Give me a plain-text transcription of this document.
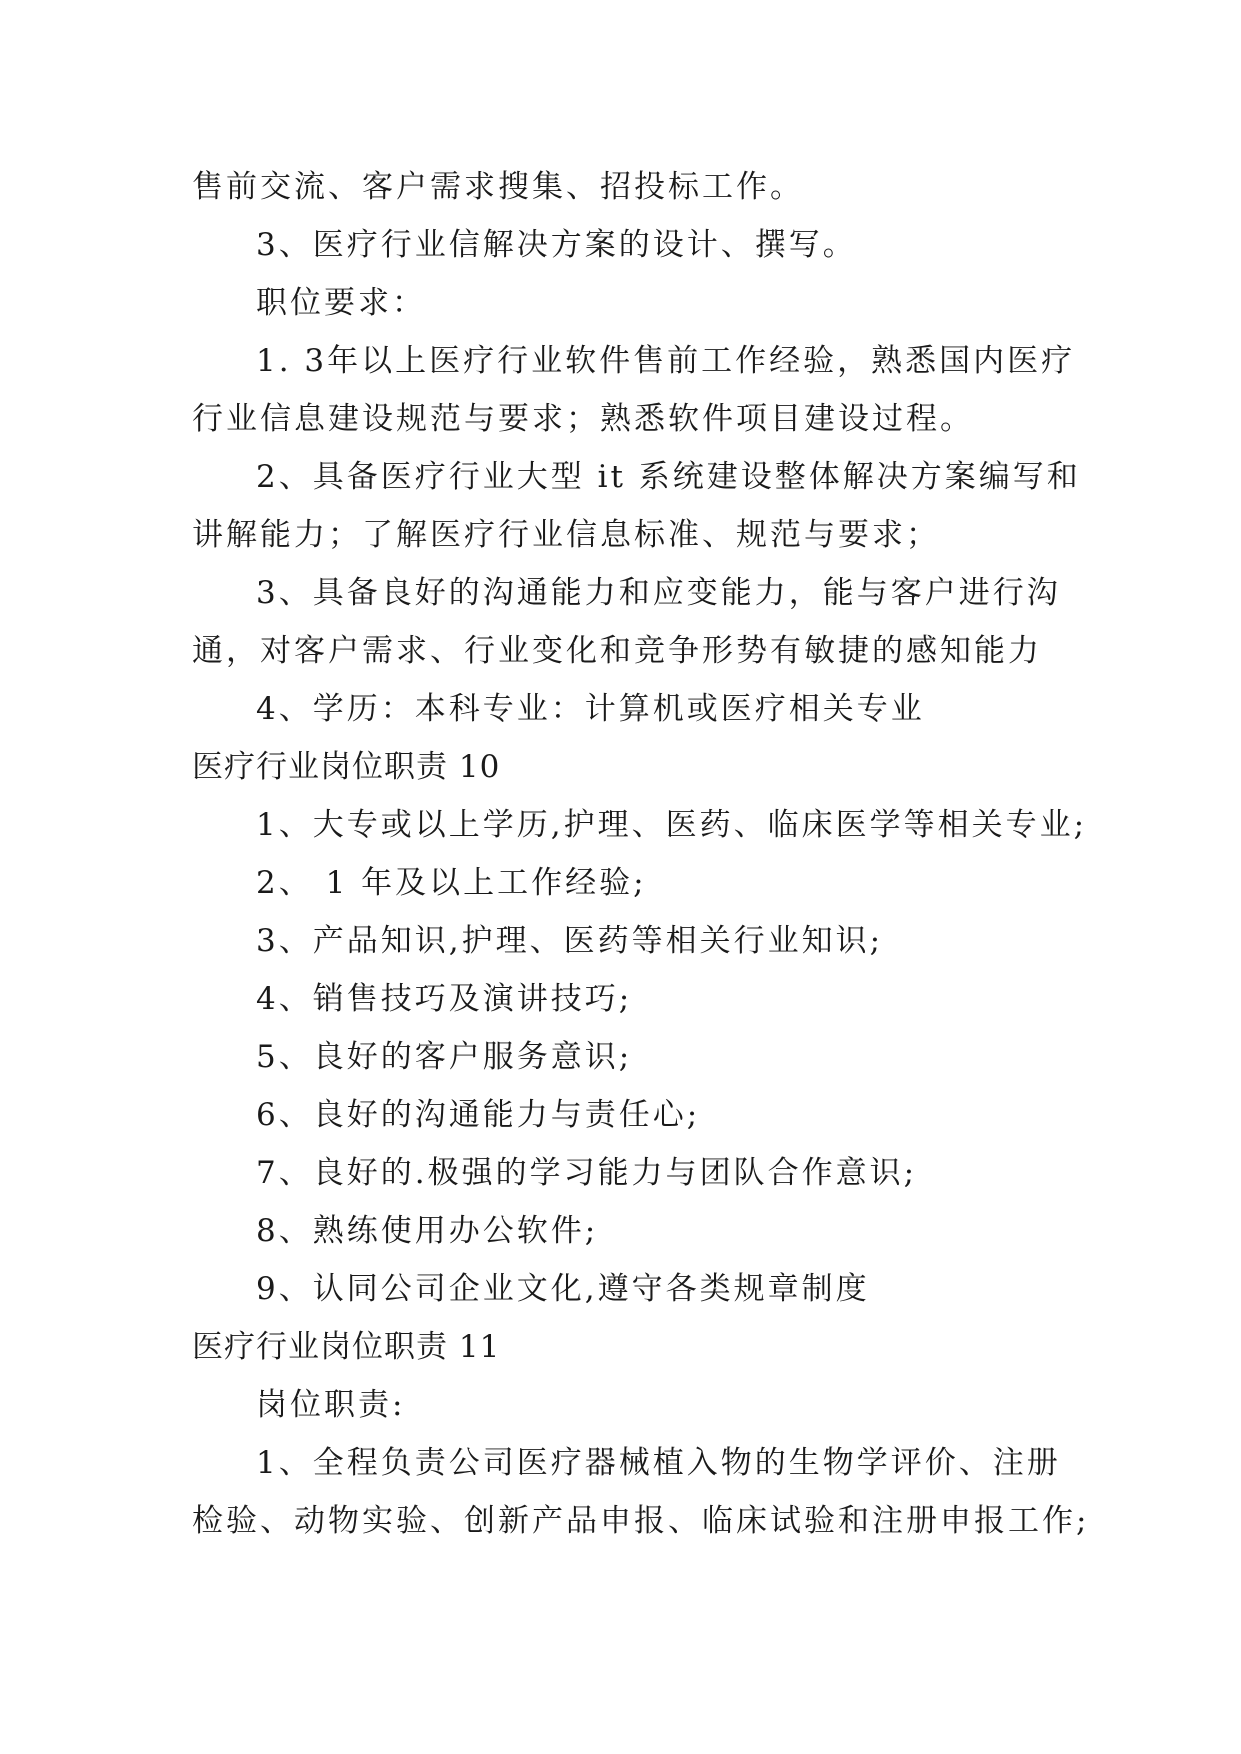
售前交流、客户需求搜集、招投标工作。
3、医疗行业信解决方案的设计、撰写。
职位要求：
1. 3年以上医疗行业软件售前工作经验，熟悉国内医疗
行业信息建设规范与要求；熟悉软件项目建设过程。
2、具备医疗行业大型 it 系统建设整体解决方案编写和
讲解能力；了解医疗行业信息标准、规范与要求；
3、具备良好的沟通能力和应变能力，能与客户进行沟
通，对客户需求、行业变化和竞争形势有敏捷的感知能力
4、学历：本科专业：计算机或医疗相关专业
医疗行业岗位职责 10
1、大专或以上学历,护理、医药、临床医学等相关专业;
2、 1 年及以上工作经验;
3、产品知识,护理、医药等相关行业知识;
4、销售技巧及演讲技巧;
5、良好的客户服务意识;
6、良好的沟通能力与责任心;
7、良好的.极强的学习能力与团队合作意识;
8、熟练使用办公软件;
9、认同公司企业文化,遵守各类规章制度
医疗行业岗位职责 11
岗位职责:
1、全程负责公司医疗器械植入物的生物学评价、注册
检验、动物实验、创新产品申报、临床试验和注册申报工作;
